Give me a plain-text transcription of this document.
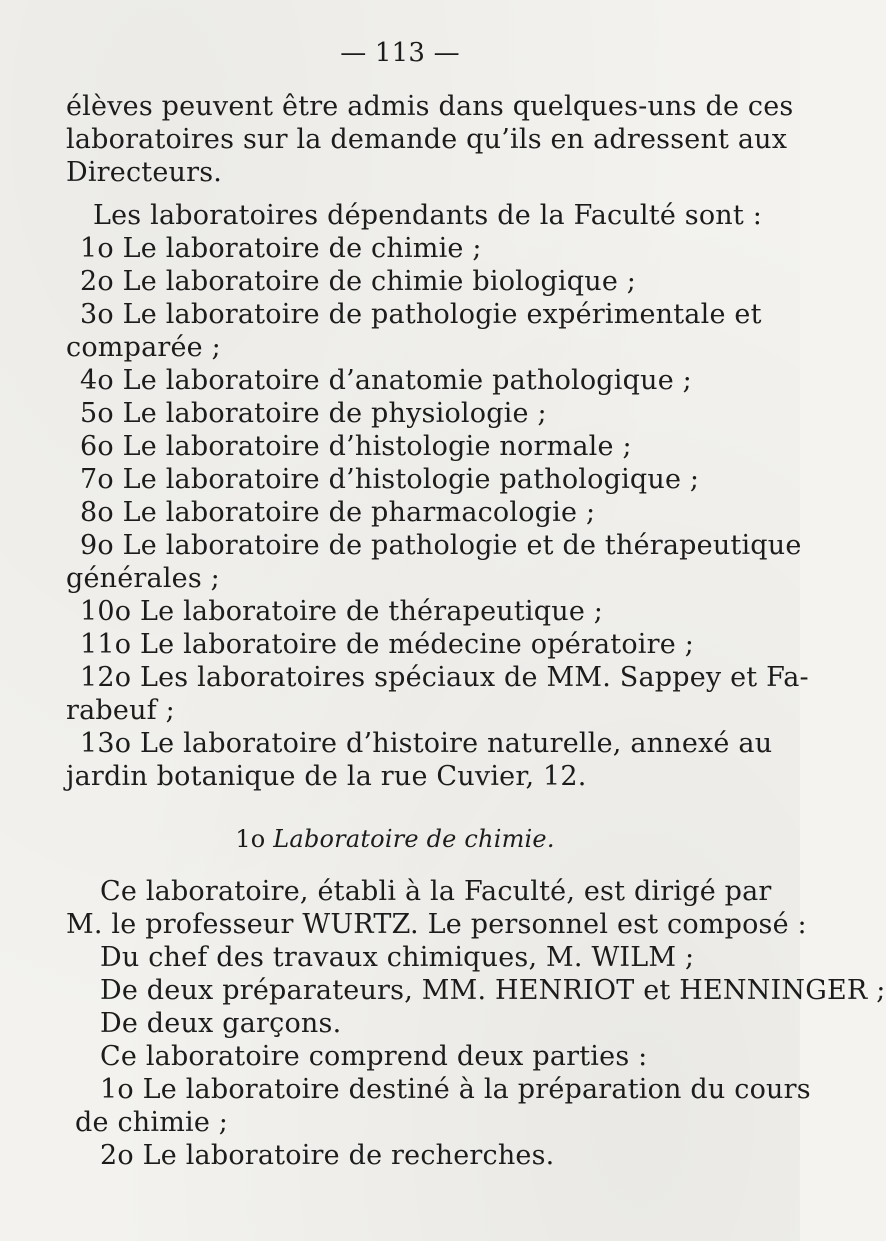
— 113 —
élèves peuvent être admis dans quelques-uns de ces
laboratoires sur la demande qu’ils en adressent aux
Directeurs.
Les laboratoires dépendants de la Faculté sont :
1o Le laboratoire de chimie ;
2o Le laboratoire de chimie biologique ;
3o Le laboratoire de pathologie expérimentale et
comparée ;
4o Le laboratoire d’anatomie pathologique ;
5o Le laboratoire de physiologie ;
6o Le laboratoire d’histologie normale ;
7o Le laboratoire d’histologie pathologique ;
8o Le laboratoire de pharmacologie ;
9o Le laboratoire de pathologie et de thérapeutique
générales ;
10o Le laboratoire de thérapeutique ;
11o Le laboratoire de médecine opératoire ;
12o Les laboratoires spéciaux de MM. Sappey et Fa-
rabeuf ;
13o Le laboratoire d’histoire naturelle, annexé au
jardin botanique de la rue Cuvier, 12.
1o Laboratoire de chimie.
Ce laboratoire, établi à la Faculté, est dirigé par
M. le professeur WURTZ. Le personnel est composé :
Du chef des travaux chimiques, M. WILM ;
De deux préparateurs, MM. HENRIOT et HENNINGER ;
De deux garçons.
Ce laboratoire comprend deux parties :
1o Le laboratoire destiné à la préparation du cours
de chimie ;
2o Le laboratoire de recherches.
